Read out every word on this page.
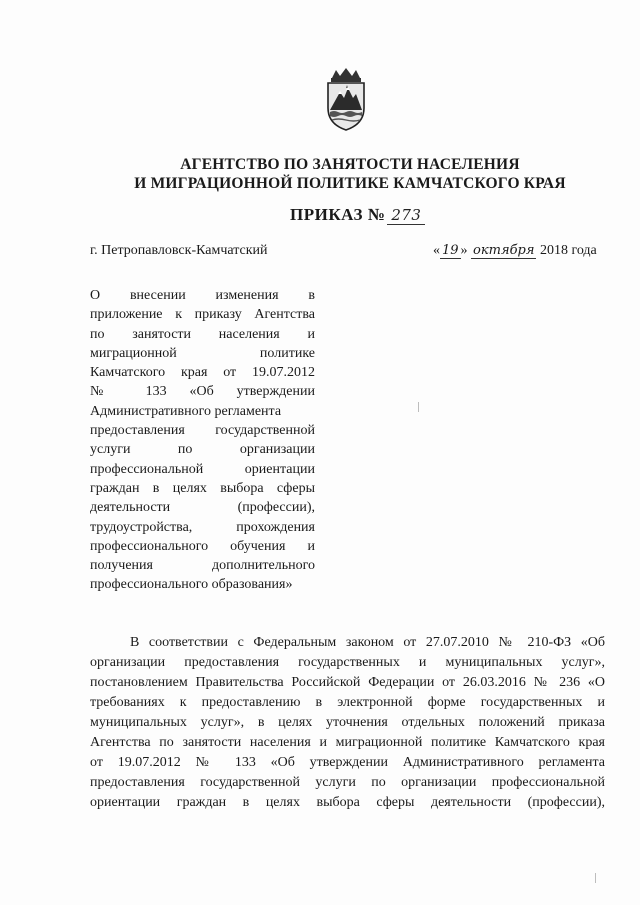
АГЕНТСТВО ПО ЗАНЯТОСТИ НАСЕЛЕНИЯ
И МИГРАЦИОННОЙ ПОЛИТИКЕ КАМЧАТСКОГО КРАЯ
ПРИКАЗ № 273
г. Петропавловск-Камчатский	« 19 » октября 2018 года
О внесении изменения в
приложение к приказу Агентства
по занятости населения и
миграционной политике
Камчатского края от 19.07.2012
№ 133 «Об утверждении
Административного регламента
предоставления государственной
услуги по организации
профессиональной ориентации
граждан в целях выбора сферы
деятельности (профессии),
трудоустройства, прохождения
профессионального обучения и
получения дополнительного
профессионального образования»
В соответствии с Федеральным законом от 27.07.2010 № 210-ФЗ «Об
организации предоставления государственных и муниципальных услуг»,
постановлением Правительства Российской Федерации от 26.03.2016 № 236 «О
требованиях к предоставлению в электронной форме государственных и
муниципальных услуг», в целях уточнения отдельных положений приказа
Агентства по занятости населения и миграционной политике Камчатского края
от 19.07.2012 № 133 «Об утверждении Административного регламента
предоставления государственной услуги по организации профессиональной
ориентации граждан в целях выбора сферы деятельности (профессии),
